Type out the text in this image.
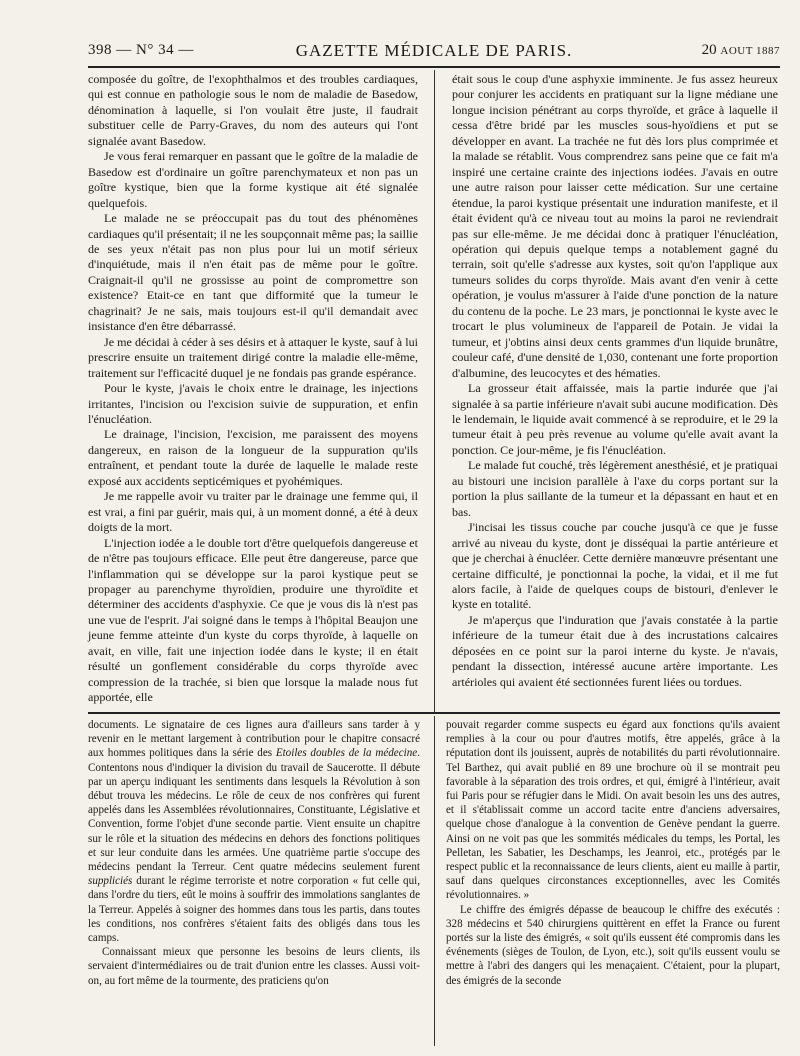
398 — N° 34 —	GAZETTE MÉDICALE DE PARIS.	20 AOUT 1887

composée du goître, de l'exophthalmos et des troubles cardiaques, qui est connue en pathologie sous le nom de maladie de Basedow, dénomination à laquelle, si l'on voulait être juste, il faudrait substituer celle de Parry-Graves, du nom des auteurs qui l'ont signalée avant Basedow.

Je vous ferai remarquer en passant que le goître de la maladie de Basedow est d'ordinaire un goître parenchymateux et non pas un goître kystique, bien que la forme kystique ait été signalée quelquefois.

Le malade ne se préoccupait pas du tout des phénomènes cardiaques qu'il présentait; il ne les soupçonnait même pas; la saillie de ses yeux n'était pas non plus pour lui un motif sérieux d'inquiétude, mais il n'en était pas de même pour le goître. Craignait-il qu'il ne grossisse au point de compromettre son existence? Etait-ce en tant que difformité que la tumeur le chagrinait? Je ne sais, mais toujours est-il qu'il demandait avec insistance d'en être débarrassé.

Je me décidai à céder à ses désirs et à attaquer le kyste, sauf à lui prescrire ensuite un traitement dirigé contre la maladie elle-même, traitement sur l'efficacité duquel je ne fondais pas grande espérance.

Pour le kyste, j'avais le choix entre le drainage, les injections irritantes, l'incision ou l'excision suivie de suppuration, et enfin l'énucléation.

Le drainage, l'incision, l'excision, me paraissent des moyens dangereux, en raison de la longueur de la suppuration qu'ils entraînent, et pendant toute la durée de laquelle le malade reste exposé aux accidents septicémiques et pyohémiques.

Je me rappelle avoir vu traiter par le drainage une femme qui, il est vrai, a fini par guérir, mais qui, à un moment donné, a été à deux doigts de la mort.

L'injection iodée a le double tort d'être quelquefois dangereuse et de n'être pas toujours efficace. Elle peut être dangereuse, parce que l'inflammation qui se développe sur la paroi kystique peut se propager au parenchyme thyroïdien, produire une thyroïdite et déterminer des accidents d'asphyxie. Ce que je vous dis là n'est pas une vue de l'esprit. J'ai soigné dans le temps à l'hôpital Beaujon une jeune femme atteinte d'un kyste du corps thyroïde, à laquelle on avait, en ville, fait une injection iodée dans le kyste; il en était résulté un gonflement considérable du corps thyroïde avec compression de la trachée, si bien que lorsque la malade nous fut apportée, elle

était sous le coup d'une asphyxie imminente. Je fus assez heureux pour conjurer les accidents en pratiquant sur la ligne médiane une longue incision pénétrant au corps thyroïde, et grâce à laquelle il cessa d'être bridé par les muscles sous-hyoïdiens et put se développer en avant. La trachée ne fut dès lors plus comprimée et la malade se rétablit. Vous comprendrez sans peine que ce fait m'a inspiré une certaine crainte des injections iodées. J'avais en outre une autre raison pour laisser cette médication. Sur une certaine étendue, la paroi kystique présentait une induration manifeste, et il était évident qu'à ce niveau tout au moins la paroi ne reviendrait pas sur elle-même. Je me décidai donc à pratiquer l'énucléation, opération qui depuis quelque temps a notablement gagné du terrain, soit qu'elle s'adresse aux kystes, soit qu'on l'applique aux tumeurs solides du corps thyroïde. Mais avant d'en venir à cette opération, je voulus m'assurer à l'aide d'une ponction de la nature du contenu de la poche. Le 23 mars, je ponctionnai le kyste avec le trocart le plus volumineux de l'appareil de Potain. Je vidai la tumeur, et j'obtins ainsi deux cents grammes d'un liquide brunâtre, couleur café, d'une densité de 1,030, contenant une forte proportion d'albumine, des leucocytes et des hématies.

La grosseur était affaissée, mais la partie indurée que j'ai signalée à sa partie inférieure n'avait subi aucune modification. Dès le lendemain, le liquide avait commencé à se reproduire, et le 29 la tumeur était à peu près revenue au volume qu'elle avait avant la ponction. Ce jour-même, je fis l'énucléation.

Le malade fut couché, très légèrement anesthésié, et je pratiquai au bistouri une incision parallèle à l'axe du corps portant sur la portion la plus saillante de la tumeur et la dépassant en haut et en bas.

J'incisai les tissus couche par couche jusqu'à ce que je fusse arrivé au niveau du kyste, dont je disséquai la partie antérieure et que je cherchai à énucléer. Cette dernière manœuvre présentant une certaine difficulté, je ponctionnai la poche, la vidai, et il me fut alors facile, à l'aide de quelques coups de bistouri, d'enlever le kyste en totalité.

Je m'aperçus que l'induration que j'avais constatée à la partie inférieure de la tumeur était due à des incrustations calcaires déposées en ce point sur la paroi interne du kyste. Je n'avais, pendant la dissection, intéressé aucune artère importante. Les artérioles qui avaient été sectionnées furent liées ou tordues.

documents. Le signataire de ces lignes aura d'ailleurs sans tarder à y revenir en le mettant largement à contribution pour le chapitre consacré aux hommes politiques dans la série des Etoiles doubles de la médecine. Contentons nous d'indiquer la division du travail de Saucerotte. Il débute par un aperçu indiquant les sentiments dans lesquels la Révolution à son début trouva les médecins. Le rôle de ceux de nos confrères qui furent appelés dans les Assemblées révolutionnaires, Constituante, Législative et Convention, forme l'objet d'une seconde partie. Vient ensuite un chapitre sur le rôle et la situation des médecins en dehors des fonctions politiques et sur leur conduite dans les armées. Une quatrième partie s'occupe des médecins pendant la Terreur. Cent quatre médecins seulement furent suppliciés durant le régime terroriste et notre corporation « fut celle qui, dans l'ordre du tiers, eût le moins à souffrir des immolations sanglantes de la Terreur. Appelés à soigner des hommes dans tous les partis, dans toutes les conditions, nos confrères s'étaient faits des obligés dans tous les camps.

Connaissant mieux que personne les besoins de leurs clients, ils servaient d'intermédiaires ou de trait d'union entre les classes. Aussi voit-on, au fort même de la tourmente, des praticiens qu'on

pouvait regarder comme suspects eu égard aux fonctions qu'ils avaient remplies à la cour ou pour d'autres motifs, être appelés, grâce à la réputation dont ils jouissent, auprès de notabilités du parti révolutionnaire. Tel Barthez, qui avait publié en 89 une brochure où il se montrait peu favorable à la séparation des trois ordres, et qui, émigré à l'intérieur, avait fui Paris pour se réfugier dans le Midi. On avait besoin les uns des autres, et il s'établissait comme un accord tacite entre d'anciens adversaires, quelque chose d'analogue à la convention de Genève pendant la guerre. Ainsi on ne voit pas que les sommités médicales du temps, les Portal, les Pelletan, les Sabatier, les Deschamps, les Jeanroi, etc., protégés par le respect public et la reconnaissance de leurs clients, aient eu maille à partir, sauf dans quelques circonstances exceptionnelles, avec les Comités révolutionnaires. »

Le chiffre des émigrés dépasse de beaucoup le chiffre des exécutés : 328 médecins et 540 chirurgiens quittèrent en effet la France ou furent portés sur la liste des émigrés, « soit qu'ils eussent été compromis dans les événements (sièges de Toulon, de Lyon, etc.), soit qu'ils eussent voulu se mettre à l'abri des dangers qui les menaçaient. C'étaient, pour la plupart, des émigrés de la seconde
